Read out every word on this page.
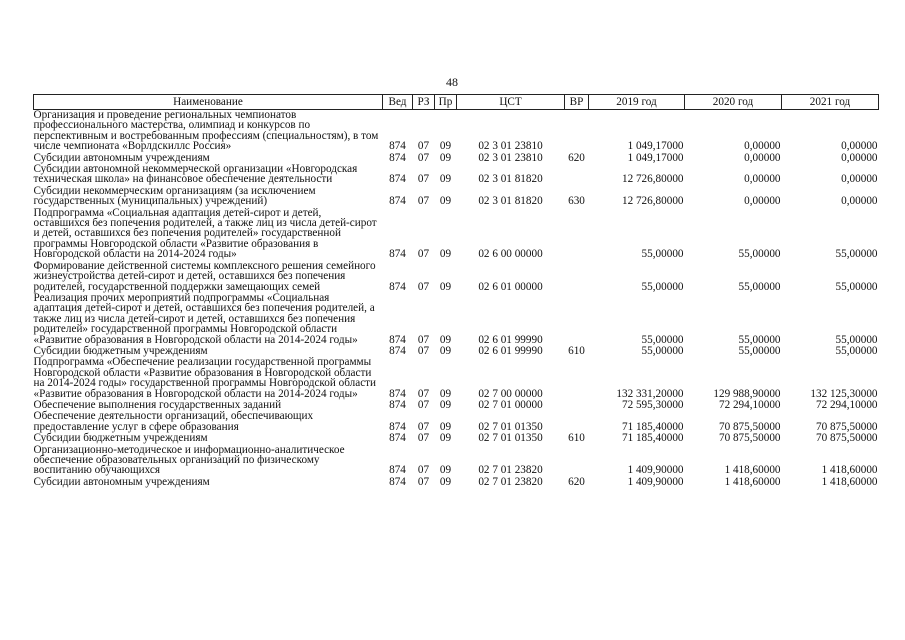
48
Наименование	Вед	РЗ	Пр	ЦСТ	ВР	2019 год	2020 год	2021 год
Организация и проведение региональных чемпионатов профессионального мастерства, олимпиад и конкурсов по перспективным и востребованным профессиям (специальностям), в том числе чемпионата «Ворлдскиллс Россия»	874	07	09	02 3 01 23810		1 049,17000	0,00000	0,00000
Субсидии автономным учреждениям	874	07	09	02 3 01 23810	620	1 049,17000	0,00000	0,00000
Субсидии автономной некоммерческой организации «Новгородская техническая школа» на финансовое обеспечение деятельности	874	07	09	02 3 01 81820		12 726,80000	0,00000	0,00000
Субсидии некоммерческим организациям (за исключением государственных (муниципальных) учреждений)	874	07	09	02 3 01 81820	630	12 726,80000	0,00000	0,00000
Подпрограмма «Социальная адаптация детей-сирот и детей, оставшихся без попечения родителей, а также лиц из числа детей-сирот и детей, оставшихся без попечения родителей» государственной программы Новгородской области «Развитие образования в Новгородской области на 2014-2024 годы»	874	07	09	02 6 00 00000		55,00000	55,00000	55,00000
Формирование действенной системы комплексного решения семейного жизнеустройства детей-сирот и детей, оставшихся без попечения родителей, государственной поддержки замещающих семей	874	07	09	02 6 01 00000		55,00000	55,00000	55,00000
Реализация прочих мероприятий подпрограммы «Социальная адаптация детей-сирот и детей, оставшихся без попечения родителей, а также лиц из числа детей-сирот и детей, оставшихся без попечения родителей» государственной программы Новгородской области «Развитие образования в Новгородской области на 2014-2024 годы»	874	07	09	02 6 01 99990		55,00000	55,00000	55,00000
Субсидии бюджетным учреждениям	874	07	09	02 6 01 99990	610	55,00000	55,00000	55,00000
Подпрограмма «Обеспечение реализации государственной программы Новгородской области «Развитие образования в Новгородской области на 2014-2024 годы» государственной программы Новгородской области «Развитие образования в Новгородской области на 2014-2024 годы»	874	07	09	02 7 00 00000		132 331,20000	129 988,90000	132 125,30000
Обеспечение выполнения государственных заданий	874	07	09	02 7 01 00000		72 595,30000	72 294,10000	72 294,10000
Обеспечение деятельности организаций, обеспечивающих предоставление услуг в сфере образования	874	07	09	02 7 01 01350		71 185,40000	70 875,50000	70 875,50000
Субсидии бюджетным учреждениям	874	07	09	02 7 01 01350	610	71 185,40000	70 875,50000	70 875,50000
Организационно-методическое и информационно-аналитическое обеспечение образовательных организаций по физическому воспитанию обучающихся	874	07	09	02 7 01 23820		1 409,90000	1 418,60000	1 418,60000
Субсидии автономным учреждениям	874	07	09	02 7 01 23820	620	1 409,90000	1 418,60000	1 418,60000
